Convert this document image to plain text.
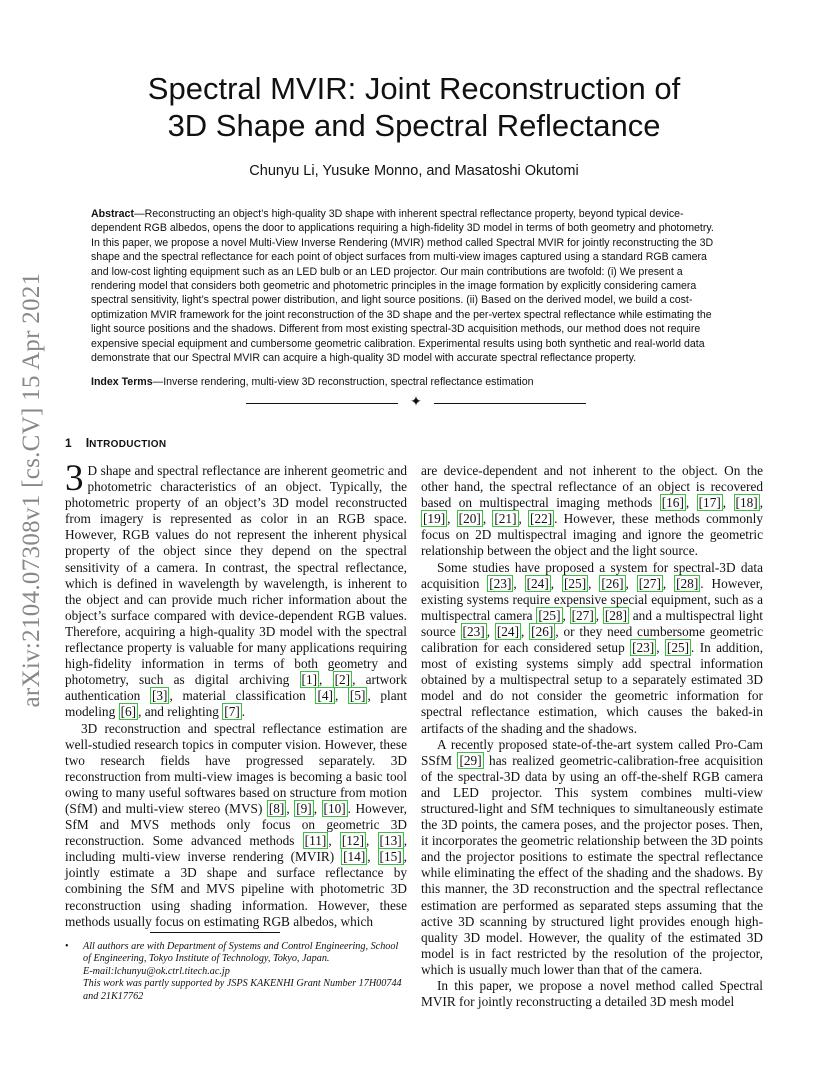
arXiv:2104.07308v1 [cs.CV] 15 Apr 2021
Spectral MVIR: Joint Reconstruction of
3D Shape and Spectral Reflectance
Chunyu Li, Yusuke Monno, and Masatoshi Okutomi
Abstract—Reconstructing an object’s high-quality 3D shape with inherent spectral reflectance property, beyond typical device-dependent RGB albedos, opens the door to applications requiring a high-fidelity 3D model in terms of both geometry and photometry. In this paper, we propose a novel Multi-View Inverse Rendering (MVIR) method called Spectral MVIR for jointly reconstructing the 3D shape and the spectral reflectance for each point of object surfaces from multi-view images captured using a standard RGB camera and low-cost lighting equipment such as an LED bulb or an LED projector. Our main contributions are twofold: (i) We present a rendering model that considers both geometric and photometric principles in the image formation by explicitly considering camera spectral sensitivity, light’s spectral power distribution, and light source positions. (ii) Based on the derived model, we build a cost-optimization MVIR framework for the joint reconstruction of the 3D shape and the per-vertex spectral reflectance while estimating the light source positions and the shadows. Different from most existing spectral-3D acquisition methods, our method does not require expensive special equipment and cumbersome geometric calibration. Experimental results using both synthetic and real-world data demonstrate that our Spectral MVIR can acquire a high-quality 3D model with accurate spectral reflectance property.
Index Terms—Inverse rendering, multi-view 3D reconstruction, spectral reflectance estimation
✦
1 INTRODUCTION

3 D shape and spectral reflectance are inherent geometric and photometric characteristics of an object. Typically, the photometric property of an object’s 3D model reconstructed from imagery is represented as color in an RGB space. However, RGB values do not represent the inherent physical property of the object since they depend on the spectral sensitivity of a camera. In contrast, the spectral reflectance, which is defined in wavelength by wavelength, is inherent to the object and can provide much richer information about the object’s surface compared with device-dependent RGB values. Therefore, acquiring a high-quality 3D model with the spectral reflectance property is valuable for many applications requiring high-fidelity information in terms of both geometry and photometry, such as digital archiving [1] , [2] , artwork authentication [3] , material classification [4] , [5] , plant modeling [6] , and relighting [7] .

3D reconstruction and spectral reflectance estimation are well-studied research topics in computer vision. However, these two research fields have progressed separately. 3D reconstruction from multi-view images is becoming a basic tool owing to many useful softwares based on structure from motion (SfM) and multi-view stereo (MVS) [8] , [9] , [10] . However, SfM and MVS methods only focus on geometric 3D reconstruction. Some advanced methods [11] , [12] , [13] , including multi-view inverse rendering (MVIR) [14] , [15] , jointly estimate a 3D shape and surface reflectance by combining the SfM and MVS pipeline with photometric 3D reconstruction using shading information. However, these methods usually focus on estimating RGB albedos, which

are device-dependent and not inherent to the object. On the other hand, the spectral reflectance of an object is recovered based on multispectral imaging methods [16] , [17] , [18] , [19] , [20] , [21] , [22] . However, these methods commonly focus on 2D multispectral imaging and ignore the geometric relationship between the object and the light source.

Some studies have proposed a system for spectral-3D data acquisition [23] , [24] , [25] , [26] , [27] , [28] . However, existing systems require expensive special equipment, such as a multispectral camera [25] , [27] , [28] and a multispectral light source [23] , [24] , [26] , or they need cumbersome geometric calibration for each considered setup [23] , [25] . In addition, most of existing systems simply add spectral information obtained by a multispectral setup to a separately estimated 3D model and do not consider the geometric information for spectral reflectance estimation, which causes the baked-in artifacts of the shading and the shadows.

A recently proposed state-of-the-art system called Pro-Cam SSfM [29] has realized geometric-calibration-free acquisition of the spectral-3D data by using an off-the-shelf RGB camera and LED projector. This system combines multi-view structured-light and SfM techniques to simultaneously estimate the 3D points, the camera poses, and the projector poses. Then, it incorporates the geometric relationship between the 3D points and the projector positions to estimate the spectral reflectance while eliminating the effect of the shading and the shadows. By this manner, the 3D reconstruction and the spectral reflectance estimation are performed as separated steps assuming that the active 3D scanning by structured light provides enough high-quality 3D model. However, the quality of the estimated 3D model is in fact restricted by the resolution of the projector, which is usually much lower than that of the camera.

In this paper, we propose a novel method called Spectral MVIR for jointly reconstructing a detailed 3D mesh model

• All authors are with Department of Systems and Control Engineering, School of Engineering, Tokyo Institute of Technology, Tokyo, Japan.
E-mail:lchunyu@ok.ctrl.titech.ac.jp
This work was partly supported by JSPS KAKENHI Grant Number 17H00744 and 21K17762
